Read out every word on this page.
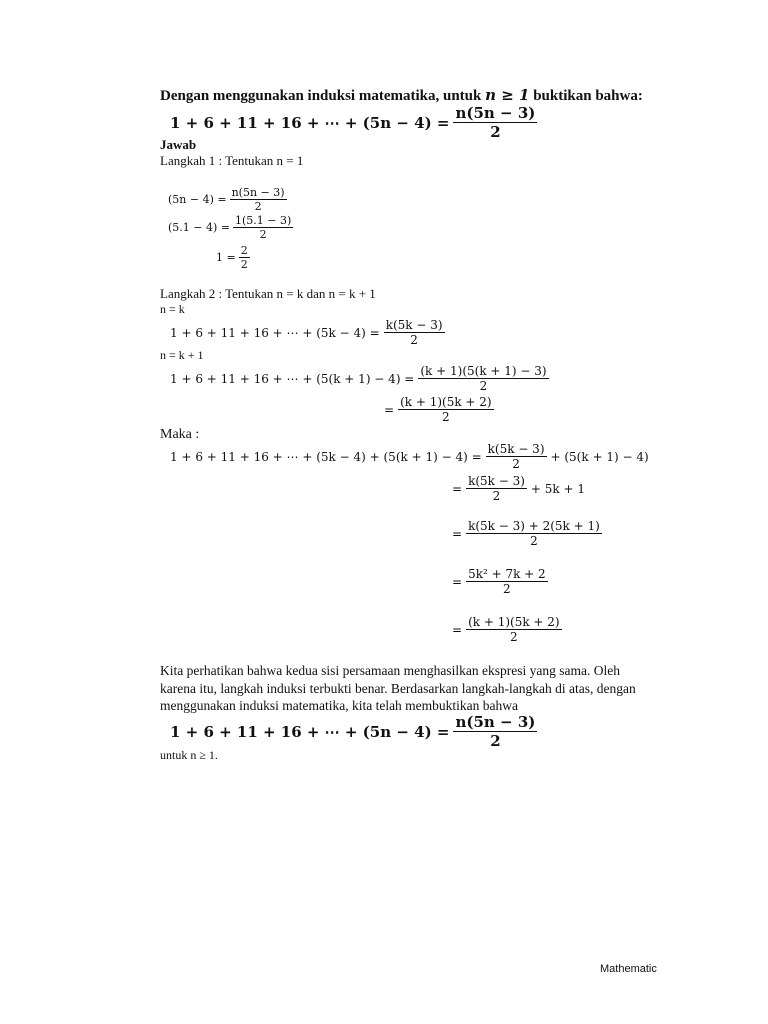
Dengan menggunakan induksi matematika, untuk n ≥ 1 buktikan bahwa:
1 + 6 + 11 + 16 + ⋯ + $(5n - 4) = \frac{n(5n - 3)}{2}$
Jawab
Langkah 1 : Tentukan n = 1
$(5n - 4) = \frac{n(5n - 3)}{2}$
$(5.1 - 4) = \frac{1(5.1 - 3)}{2}$
$1 = \frac{2}{2}$
Langkah 2 : Tentukan n = k dan n = k + 1
n = k
1 + 6 + 11 + 16 + ⋯ + $(5k - 4) = \frac{k(5k - 3)}{2}$
n = k + 1
1 + 6 + 11 + 16 + ⋯ + $(5(k + 1) - 4) = \frac{(k + 1)(5(k + 1) - 3)}{2}$
= $\frac{(k + 1)(5k + 2)}{2}$
Maka :
1 + 6 + 11 + 16 + ⋯ + $(5k - 4) + (5(k + 1) - 4) = \frac{k(5k - 3)}{2} + (5(k + 1) - 4)$
= $\frac{k(5k - 3)}{2} + 5k + 1$
= $\frac{k(5k - 3) + 2(5k + 1)}{2}$
= $\frac{\text{5k² + 7k + 2}}{2}$
= $\frac{(k + 1)(5k + 2)}{2}$
Kita perhatikan bahwa kedua sisi persamaan menghasilkan ekspresi yang sama. Oleh
karena itu, langkah induksi terbukti benar. Berdasarkan langkah-langkah di atas, dengan
menggunakan induksi matematika, kita telah membuktikan bahwa
1 + 6 + 11 + 16 + ⋯ + $(5n - 4) = \frac{n(5n - 3)}{2}$
untuk n ≥ 1.
Mathematic
